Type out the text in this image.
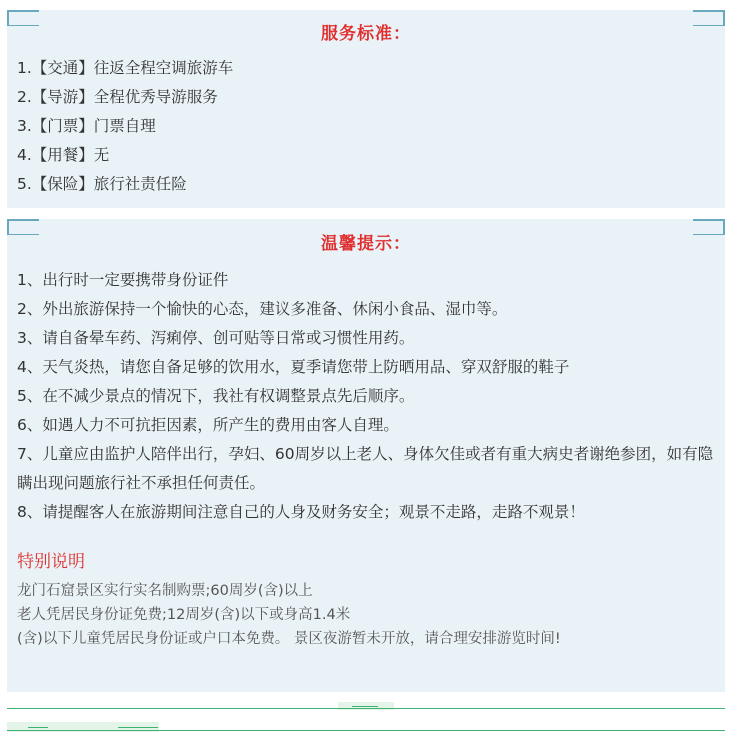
服务标准：
1.【交通】往返全程空调旅游车
2.【导游】全程优秀导游服务
3.【门票】门票自理
4.【用餐】无
5.【保险】旅行社责任险
温馨提示：
1、出行时一定要携带身份证件
2、外出旅游保持一个愉快的心态，建议多准备、休闲小食品、湿巾等。
3、请自备晕车药、泻痢停、创可贴等日常或习惯性用药。
4、天气炎热，请您自备足够的饮用水，夏季请您带上防晒用品、穿双舒服的鞋子
5、在不减少景点的情况下，我社有权调整景点先后顺序。
6、如遇人力不可抗拒因素，所产生的费用由客人自理。
7、儿童应由监护人陪伴出行，孕妇、60周岁以上老人、身体欠佳或者有重大病史者谢绝参团，如有隐瞒出现问题旅行社不承担任何责任。
8、请提醒客人在旅游期间注意自己的人身及财务安全；观景不走路，走路不观景！
特别说明
龙门石窟景区实行实名制购票;60周岁(含)以上
老人凭居民身份证免费;12周岁(含)以下或身高1.4米
(含)以下儿童凭居民身份证或户口本免费。 景区夜游暂未开放，请合理安排游览时间!
